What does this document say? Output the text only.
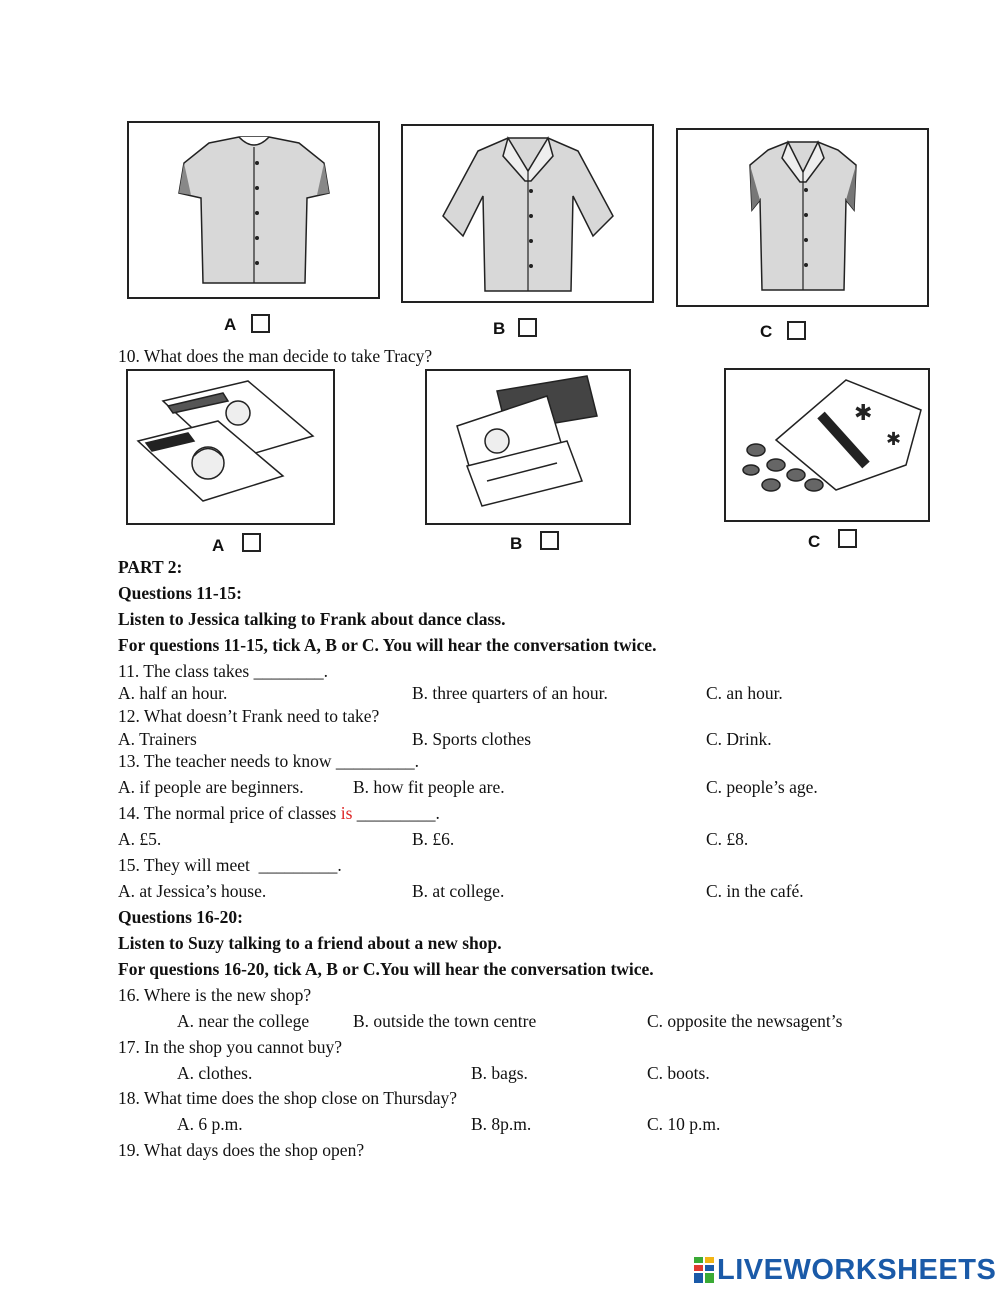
A	B	C
10. What does the man decide to take Tracy?
✱
✱
A	B	C
PART 2:
Questions 11-15:
Listen to Jessica talking to Frank about dance class.
For questions 11-15, tick A, B or C. You will hear the conversation twice.
11. The class takes ________.
A. half an hour.	B. three quarters of an hour.	C. an hour.
12. What doesn’t Frank need to take?
A. Trainers	B. Sports clothes	C. Drink.
13. The teacher needs to know _________.
A. if people are beginners.	B. how fit people are.	C. people’s age.
14. The normal price of classes is _________.
A. £5.	B. £6.	C. £8.
15. They will meet  _________.
A. at Jessica’s house.	B. at college.	C. in the café.
Questions 16-20:
Listen to Suzy talking to a friend about a new shop.
For questions 16-20, tick A, B or C.You will hear the conversation twice.
16. Where is the new shop?
A. near the college	B. outside the town centre	C. opposite the newsagent’s
17. In the shop you cannot buy?
A. clothes.	B. bags.	C. boots.
18. What time does the shop close on Thursday?
A. 6 p.m.	B. 8p.m.	C. 10 p.m.
19. What days does the shop open?
LIVEWORKSHEETS
